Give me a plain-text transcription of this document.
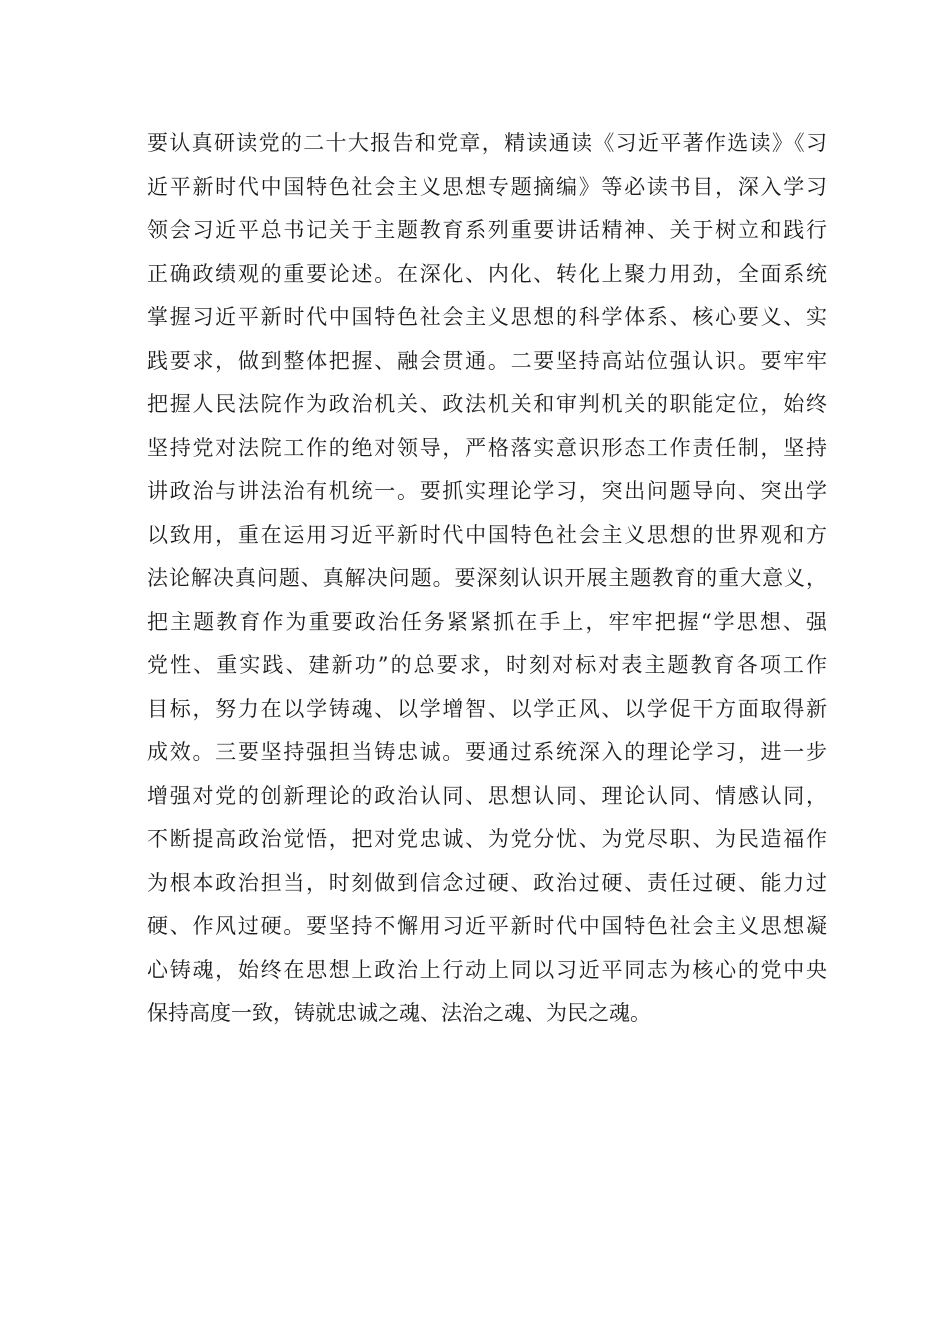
要认真研读党的二十大报告和党章，精读通读《习近平著作选读》《习
近平新时代中国特色社会主义思想专题摘编》等必读书目，深入学习
领会习近平总书记关于主题教育系列重要讲话精神、关于树立和践行
正确政绩观的重要论述。在深化、内化、转化上聚力用劲，全面系统
掌握习近平新时代中国特色社会主义思想的科学体系、核心要义、实
践要求，做到整体把握、融会贯通。二要坚持高站位强认识。要牢牢
把握人民法院作为政治机关、政法机关和审判机关的职能定位，始终
坚持党对法院工作的绝对领导，严格落实意识形态工作责任制，坚持
讲政治与讲法治有机统一。要抓实理论学习，突出问题导向、突出学
以致用，重在运用习近平新时代中国特色社会主义思想的世界观和方
法论解决真问题、真解决问题。要深刻认识开展主题教育的重大意义，
把主题教育作为重要政治任务紧紧抓在手上，牢牢把握“学思想、强
党性、重实践、建新功”的总要求，时刻对标对表主题教育各项工作
目标，努力在以学铸魂、以学增智、以学正风、以学促干方面取得新
成效。三要坚持强担当铸忠诚。要通过系统深入的理论学习，进一步
增强对党的创新理论的政治认同、思想认同、理论认同、情感认同，
不断提高政治觉悟，把对党忠诚、为党分忧、为党尽职、为民造福作
为根本政治担当，时刻做到信念过硬、政治过硬、责任过硬、能力过
硬、作风过硬。要坚持不懈用习近平新时代中国特色社会主义思想凝
心铸魂，始终在思想上政治上行动上同以习近平同志为核心的党中央
保持高度一致，铸就忠诚之魂、法治之魂、为民之魂。
